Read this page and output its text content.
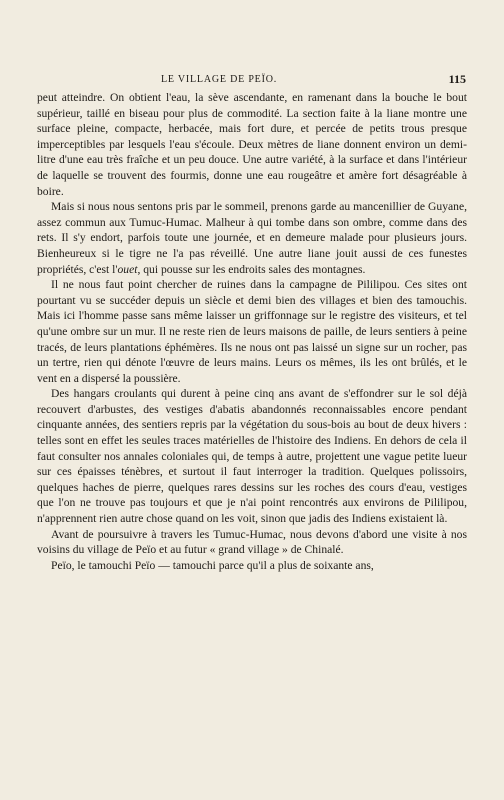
LE VILLAGE DE PEÏO.	115

peut atteindre. On obtient l'eau, la sève ascendante, en ramenant dans la bouche le bout supérieur, taillé en biseau pour plus de commodité. La section faite à la liane montre une surface pleine, compacte, herbacée, mais fort dure, et percée de petits trous presque imperceptibles par lesquels l'eau s'écoule. Deux mètres de liane donnent environ un demi-litre d'une eau très fraîche et un peu douce. Une autre variété, à la surface et dans l'intérieur de laquelle se trouvent des fourmis, donne une eau rougeâtre et amère fort désagréable à boire.

Mais si nous nous sentons pris par le sommeil, prenons garde au mancenillier de Guyane, assez commun aux Tumuc-Humac. Malheur à qui tombe dans son ombre, comme dans des rets. Il s'y endort, parfois toute une journée, et en demeure malade pour plusieurs jours. Bienheureux si le tigre ne l'a pas réveillé. Une autre liane jouit aussi de ces funestes propriétés, c'est l'ouet, qui pousse sur les endroits sales des montagnes.

Il ne nous faut point chercher de ruines dans la campagne de Pililipou. Ces sites ont pourtant vu se succéder depuis un siècle et demi bien des villages et bien des tamouchis. Mais ici l'homme passe sans même laisser un griffonnage sur le registre des visiteurs, et tel qu'une ombre sur un mur. Il ne reste rien de leurs maisons de paille, de leurs sentiers à peine tracés, de leurs plantations éphémères. Ils ne nous ont pas laissé un signe sur un rocher, pas un tertre, rien qui dénote l'œuvre de leurs mains. Leurs os mêmes, ils les ont brûlés, et le vent en a dispersé la poussière.

Des hangars croulants qui durent à peine cinq ans avant de s'effondrer sur le sol déjà recouvert d'arbustes, des vestiges d'abatis abandonnés reconnaissables encore pendant cinquante années, des sentiers repris par la végétation du sous-bois au bout de deux hivers : telles sont en effet les seules traces matérielles de l'histoire des Indiens. En dehors de cela il faut consulter nos annales coloniales qui, de temps à autre, projettent une vague petite lueur sur ces épaisses ténèbres, et surtout il faut interroger la tradition. Quelques polissoirs, quelques haches de pierre, quelques rares dessins sur les roches des cours d'eau, vestiges que l'on ne trouve pas toujours et que je n'ai point rencontrés aux environs de Pililipou, n'apprennent rien autre chose quand on les voit, sinon que jadis des Indiens existaient là.

Avant de poursuivre à travers les Tumuc-Humac, nous devons d'abord une visite à nos voisins du village de Peïo et au futur « grand village » de Chinalé.

Peïo, le tamouchi Peïo — tamouchi parce qu'il a plus de soixante ans,
